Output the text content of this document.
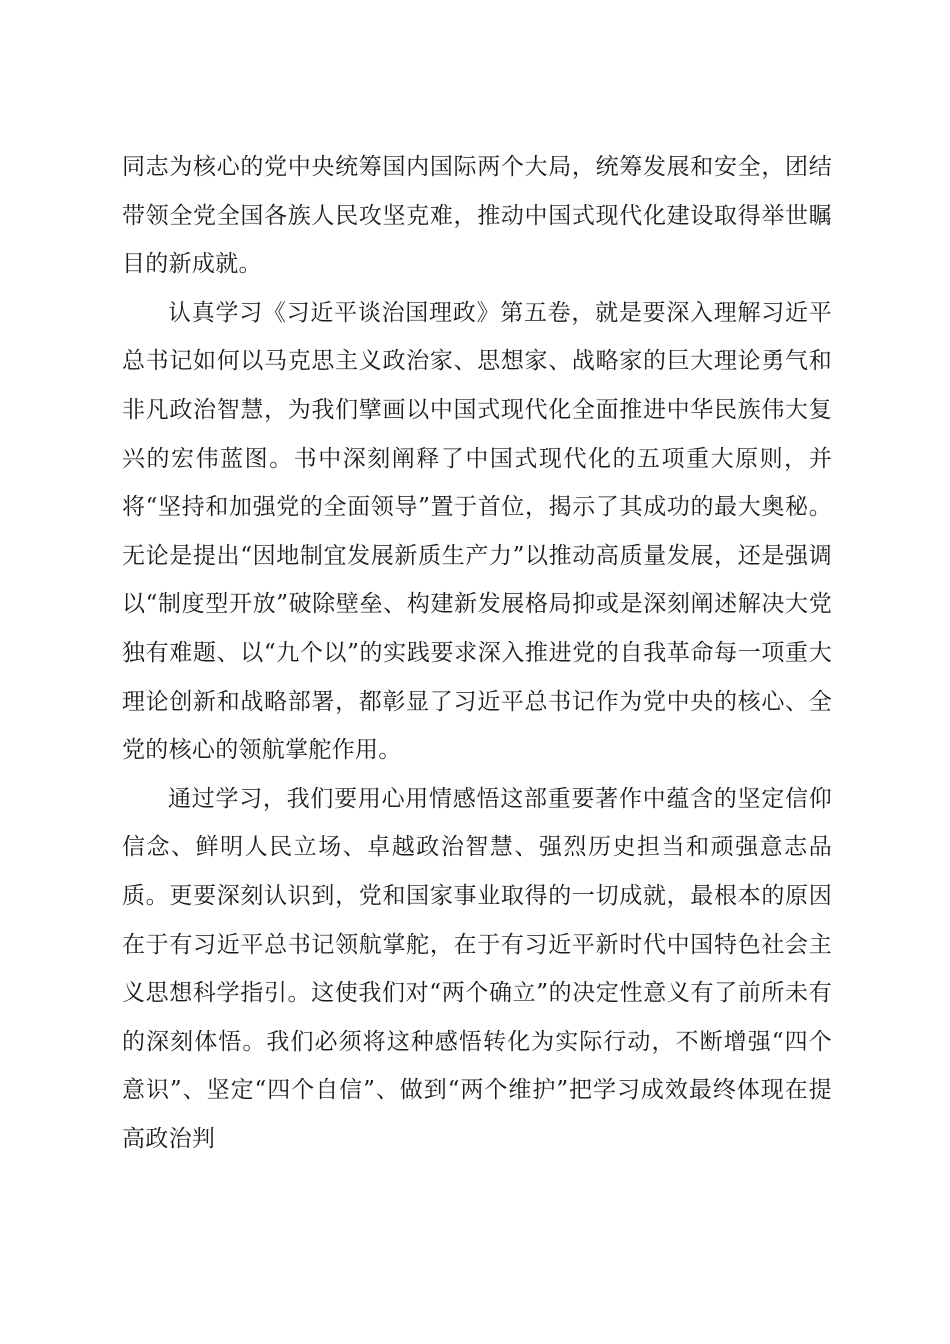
同志为核心的党中央统筹国内国际两个大局，统筹发展和安全，团结带领全党全国各族人民攻坚克难，推动中国式现代化建设取得举世瞩目的新成就。

认真学习《习近平谈治国理政》第五卷，就是要深入理解习近平总书记如何以马克思主义政治家、思想家、战略家的巨大理论勇气和非凡政治智慧，为我们擘画以中国式现代化全面推进中华民族伟大复兴的宏伟蓝图。书中深刻阐释了中国式现代化的五项重大原则，并将“坚持和加强党的全面领导”置于首位，揭示了其成功的最大奥秘。无论是提出“因地制宜发展新质生产力”以推动高质量发展，还是强调以“制度型开放”破除壁垒、构建新发展格局抑或是深刻阐述解决大党独有难题、以“九个以”的实践要求深入推进党的自我革命每一项重大理论创新和战略部署，都彰显了习近平总书记作为党中央的核心、全党的核心的领航掌舵作用。

通过学习，我们要用心用情感悟这部重要著作中蕴含的坚定信仰信念、鲜明人民立场、卓越政治智慧、强烈历史担当和顽强意志品质。更要深刻认识到，党和国家事业取得的一切成就，最根本的原因在于有习近平总书记领航掌舵，在于有习近平新时代中国特色社会主义思想科学指引。这使我们对“两个确立”的决定性意义有了前所未有的深刻体悟。我们必须将这种感悟转化为实际行动，不断增强“四个意识”、坚定“四个自信”、做到“两个维护”把学习成效最终体现在提高政治判
